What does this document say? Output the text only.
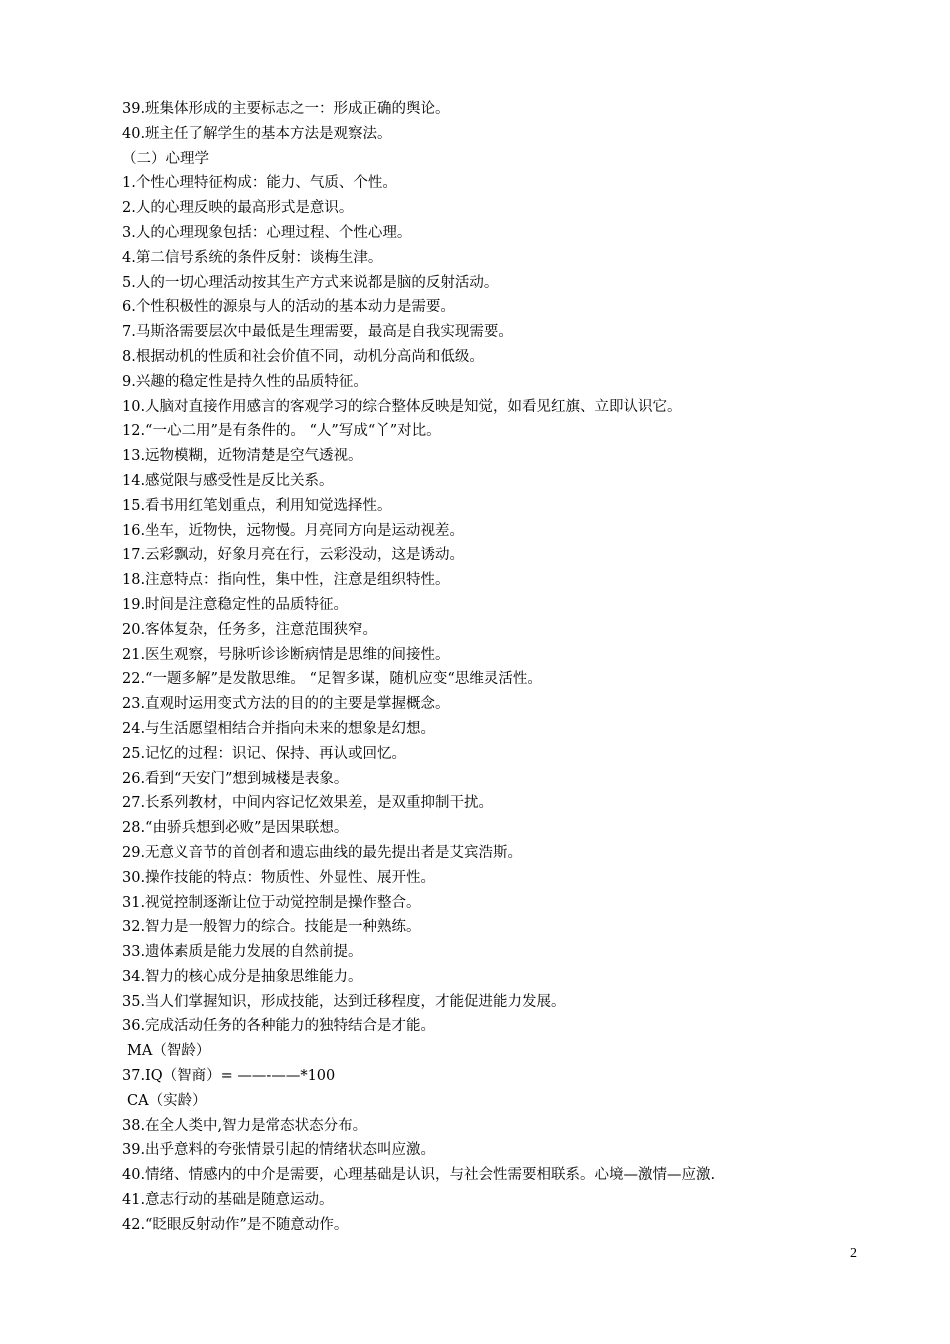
39.班集体形成的主要标志之一：形成正确的舆论。
40.班主任了解学生的基本方法是观察法。
（二）心理学
1.个性心理特征构成：能力、气质、个性。
2.人的心理反映的最高形式是意识。
3.人的心理现象包括：心理过程、个性心理。
4.第二信号系统的条件反射：谈梅生津。
5.人的一切心理活动按其生产方式来说都是脑的反射活动。
6.个性积极性的源泉与人的活动的基本动力是需要。
7.马斯洛需要层次中最低是生理需要，最高是自我实现需要。
8.根据动机的性质和社会价值不同，动机分高尚和低级。
9.兴趣的稳定性是持久性的品质特征。
10.人脑对直接作用感言的客观学习的综合整体反映是知觉，如看见红旗、立即认识它。
12.“一心二用”是有条件的。 “人”写成“丫”对比。
13.远物模糊，近物清楚是空气透视。
14.感觉限与感受性是反比关系。
15.看书用红笔划重点，利用知觉选择性。
16.坐车，近物快，远物慢。月亮同方向是运动视差。
17.云彩飘动，好象月亮在行，云彩没动，这是诱动。
18.注意特点：指向性，集中性，注意是组织特性。
19.时间是注意稳定性的品质特征。
20.客体复杂，任务多，注意范围狭窄。
21.医生观察，号脉听诊诊断病情是思维的间接性。
22.“一题多解”是发散思维。 “足智多谋，随机应变“思维灵活性。
23.直观时运用变式方法的目的的主要是掌握概念。
24.与生活愿望相结合并指向未来的想象是幻想。
25.记忆的过程：识记、保持、再认或回忆。
26.看到“天安门”想到城楼是表象。
27.长系列教材，中间内容记忆效果差，是双重抑制干扰。
28.“由骄兵想到必败”是因果联想。
29.无意义音节的首创者和遗忘曲线的最先提出者是艾宾浩斯。
30.操作技能的特点：物质性、外显性、展开性。
31.视觉控制逐渐让位于动觉控制是操作整合。
32.智力是一般智力的综合。技能是一种熟练。
33.遗体素质是能力发展的自然前提。
34.智力的核心成分是抽象思维能力。
35.当人们掌握知识，形成技能，达到迁移程度，才能促进能力发展。
36.完成活动任务的各种能力的独特结合是才能。
MA（智龄）
37.IQ（智商）= ——-——*100
CA（实龄）
38.在全人类中,智力是常态状态分布。
39.出乎意料的夸张情景引起的情绪状态叫应激。
40.情绪、情感内的中介是需要，心理基础是认识，与社会性需要相联系。心境—激情—应激.
41.意志行动的基础是随意运动。
42.“眨眼反射动作”是不随意动作。
2
